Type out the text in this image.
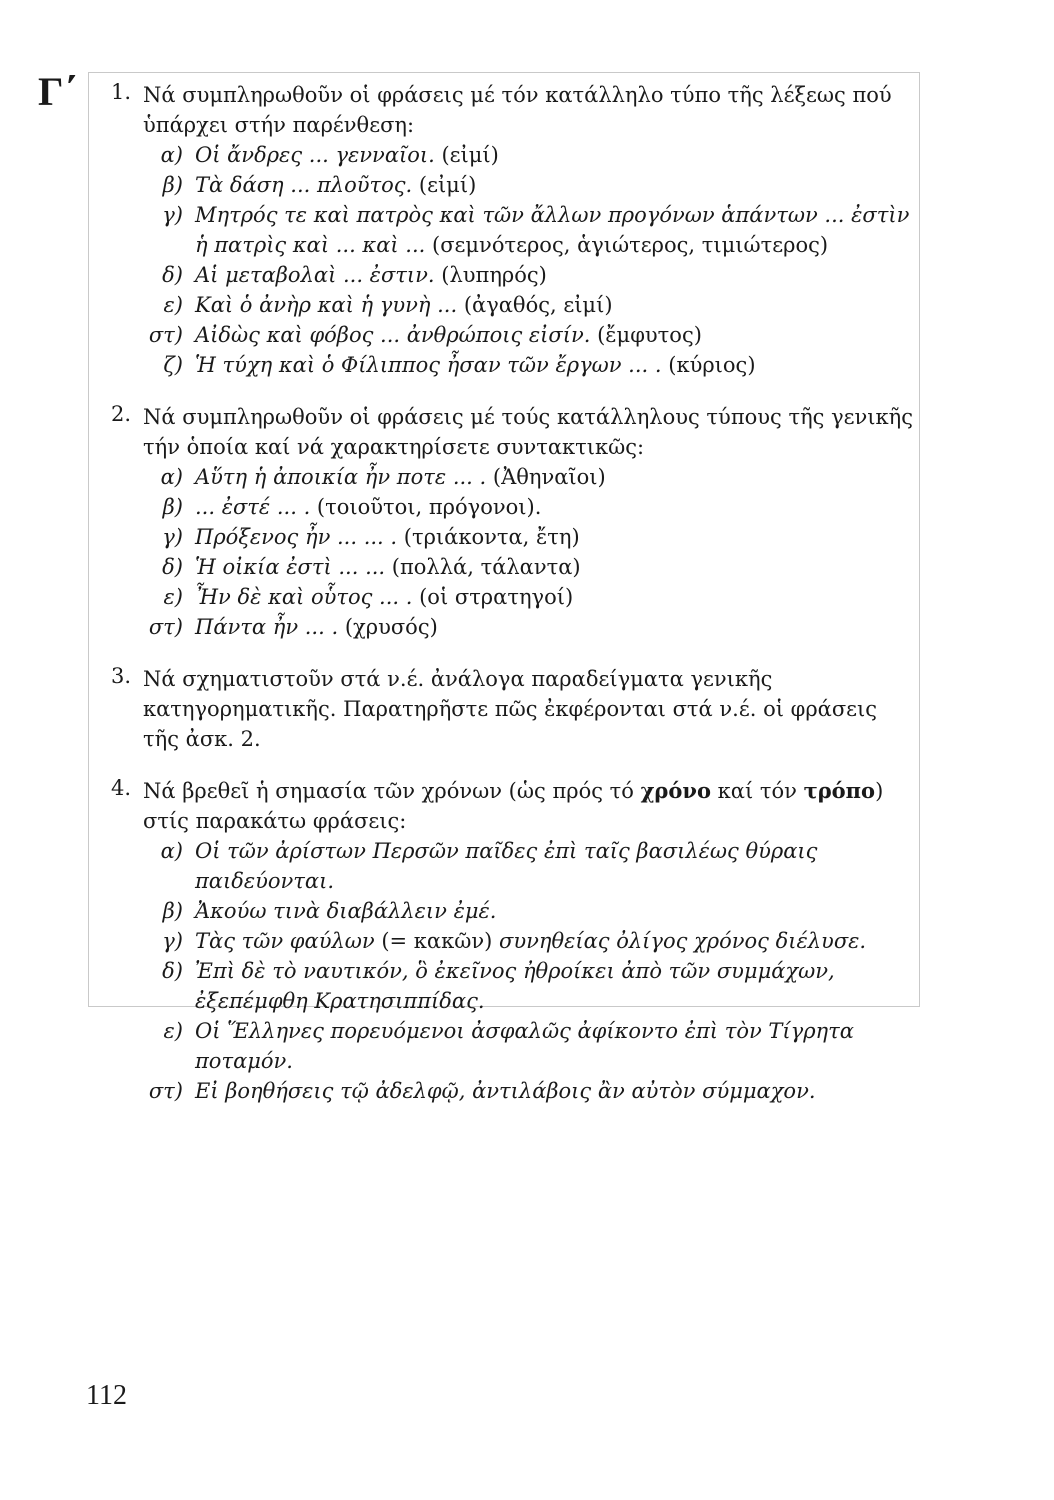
Γ΄	1. Νά συμπληρωθοῦν οἱ φράσεις μέ τόν κατάλληλο τύπο τῆς λέξεως πού ὑπάρχει στήν παρένθεση:
α) Οἱ ἄνδρες ... γενναῖοι. (εἰμί)
β) Τὰ δάση ... πλοῦτος. (εἰμί)
γ) Μητρός τε καὶ πατρὸς καὶ τῶν ἄλλων προγόνων ἁπάντων ... ἐστὶν ἡ πατρὶς καὶ ... καὶ ... (σεμνότερος, ἁγιώτερος, τιμιώτερος)
δ) Αἱ μεταβολαὶ ... ἐστιν. (λυπηρός)
ε) Καὶ ὁ ἀνὴρ καὶ ἡ γυνὴ ... (ἀγαθός, εἰμί)
στ) Αἰδὼς καὶ φόβος ... ἀνθρώποις εἰσίν. (ἔμφυτος)
ζ) Ἡ τύχη καὶ ὁ Φίλιππος ἦσαν τῶν ἔργων ... . (κύριος)
2. Νά συμπληρωθοῦν οἱ φράσεις μέ τούς κατάλληλους τύπους τῆς γενικῆς τήν ὁποία καί νά χαρακτηρίσετε συντακτικῶς:
α) Αὕτη ἡ ἀποικία ἦν ποτε ... . (Ἀθηναῖοι)
β) ... ἐστέ ... . (τοιοῦτοι, πρόγονοι).
γ) Πρόξενος ἦν ... ... . (τριάκοντα, ἔτη)
δ) Ἡ οἰκία ἐστὶ ... ... (πολλά, τάλαντα)
ε) Ἦν δὲ καὶ οὗτος ... . (οἱ στρατηγοί)
στ) Πάντα ἦν ... . (χρυσός)
3. Νά σχηματιστοῦν στά ν.έ. ἀνάλογα παραδείγματα γενικῆς κατηγορηματικῆς. Παρατηρῆστε πῶς ἐκφέρονται στά ν.έ. οἱ φράσεις τῆς ἀσκ. 2.
4. Νά βρεθεῖ ἡ σημασία τῶν χρόνων (ὡς πρός τό χρόνο καί τόν τρόπο) στίς παρακάτω φράσεις:
α) Οἱ τῶν ἀρίστων Περσῶν παῖδες ἐπὶ ταῖς βασιλέως θύραις παιδεύονται.
β) Ἀκούω τινὰ διαβάλλειν ἐμέ.
γ) Τὰς τῶν φαύλων (= κακῶν) συνηθείας ὀλίγος χρόνος διέλυσε.
δ) Ἐπὶ δὲ τὸ ναυτικόν, ὃ ἐκεῖνος ἠθροίκει ἀπὸ τῶν συμμάχων, ἐξεπέμφθη Κρατησιππίδας.
ε) Οἱ Ἕλληνες πορευόμενοι ἀσφαλῶς ἀφίκοντο ἐπὶ τὸν Τίγρητα ποταμόν.
στ) Εἰ βοηθήσεις τῷ ἀδελφῷ, ἀντιλάβοις ἂν αὐτὸν σύμμαχον.
112
